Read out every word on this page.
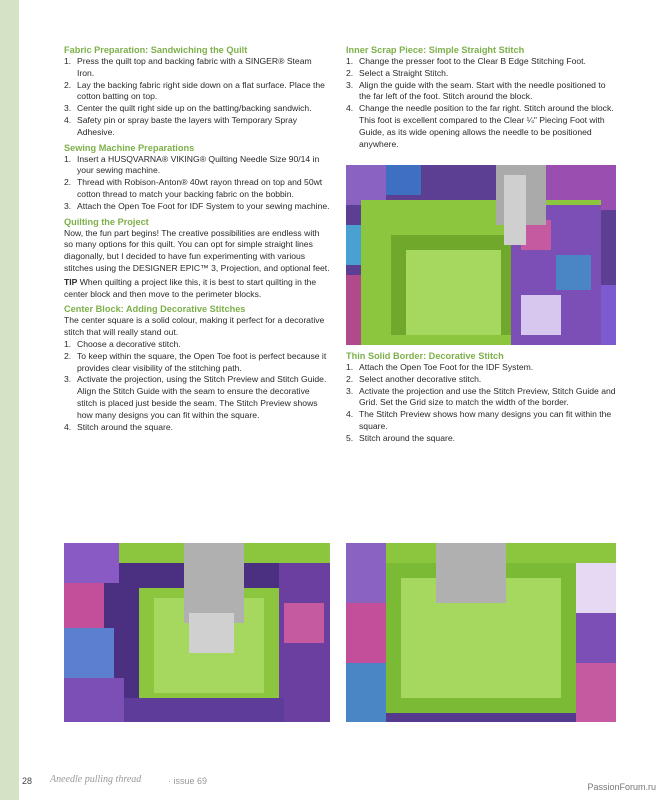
Fabric Preparation: Sandwiching the Quilt
1. Press the quilt top and backing fabric with a SINGER® Steam Iron.
2. Lay the backing fabric right side down on a flat surface. Place the cotton batting on top.
3. Center the quilt right side up on the batting/backing sandwich.
4. Safety pin or spray baste the layers with Temporary Spray Adhesive.
Sewing Machine Preparations
1. Insert a HUSQVARNA® VIKING® Quilting Needle Size 90/14 in your sewing machine.
2. Thread with Robison-Anton® 40wt rayon thread on top and 50wt cotton thread to match your backing fabric on the bobbin.
3. Attach the Open Toe Foot for IDF System to your sewing machine.
Quilting the Project

Now, the fun part begins! The creative possibilities are endless with so many options for this quilt. You can opt for simple straight lines diagonally, but I decided to have fun experimenting with various stitches using the DESIGNER EPIC™ 3, Projection, and optional feet.

TIP When quilting a project like this, it is best to start quilting in the center block and then move to the perimeter blocks.

Center Block: Adding Decorative Stitches

The center square is a solid colour, making it perfect for a decorative stitch that will really stand out.

1. Choose a decorative stitch.
2. To keep within the square, the Open Toe foot is perfect because it provides clear visibility of the stitching path.
3. Activate the projection, using the Stitch Preview and Stitch Guide. Align the Stitch Guide with the seam to ensure the decorative stitch is placed just beside the seam. The Stitch Preview shows how many designs you can fit within the square.
4. Stitch around the square.
Inner Scrap Piece: Simple Straight Stitch
1. Change the presser foot to the Clear B Edge Stitching Foot.
2. Select a Straight Stitch.
3. Align the guide with the seam. Start with the needle positioned to the far left of the foot. Stitch around the block.
4. Change the needle position to the far right. Stitch around the block. This foot is excellent compared to the Clear ¼" Piecing Foot with Guide, as its wide opening allows the needle to be positioned anywhere.
Thin Solid Border: Decorative Stitch
1. Attach the Open Toe Foot for the IDF System.
2. Select another decorative stitch.
3. Activate the projection and use the Stitch Preview, Stitch Guide and Grid. Set the Grid size to match the width of the border.
4. The Stitch Preview shows how many designs you can fit within the square.
5. Stitch around the square.
28 Aneedle pulling thread	· issue 69
PassionForum.ru
